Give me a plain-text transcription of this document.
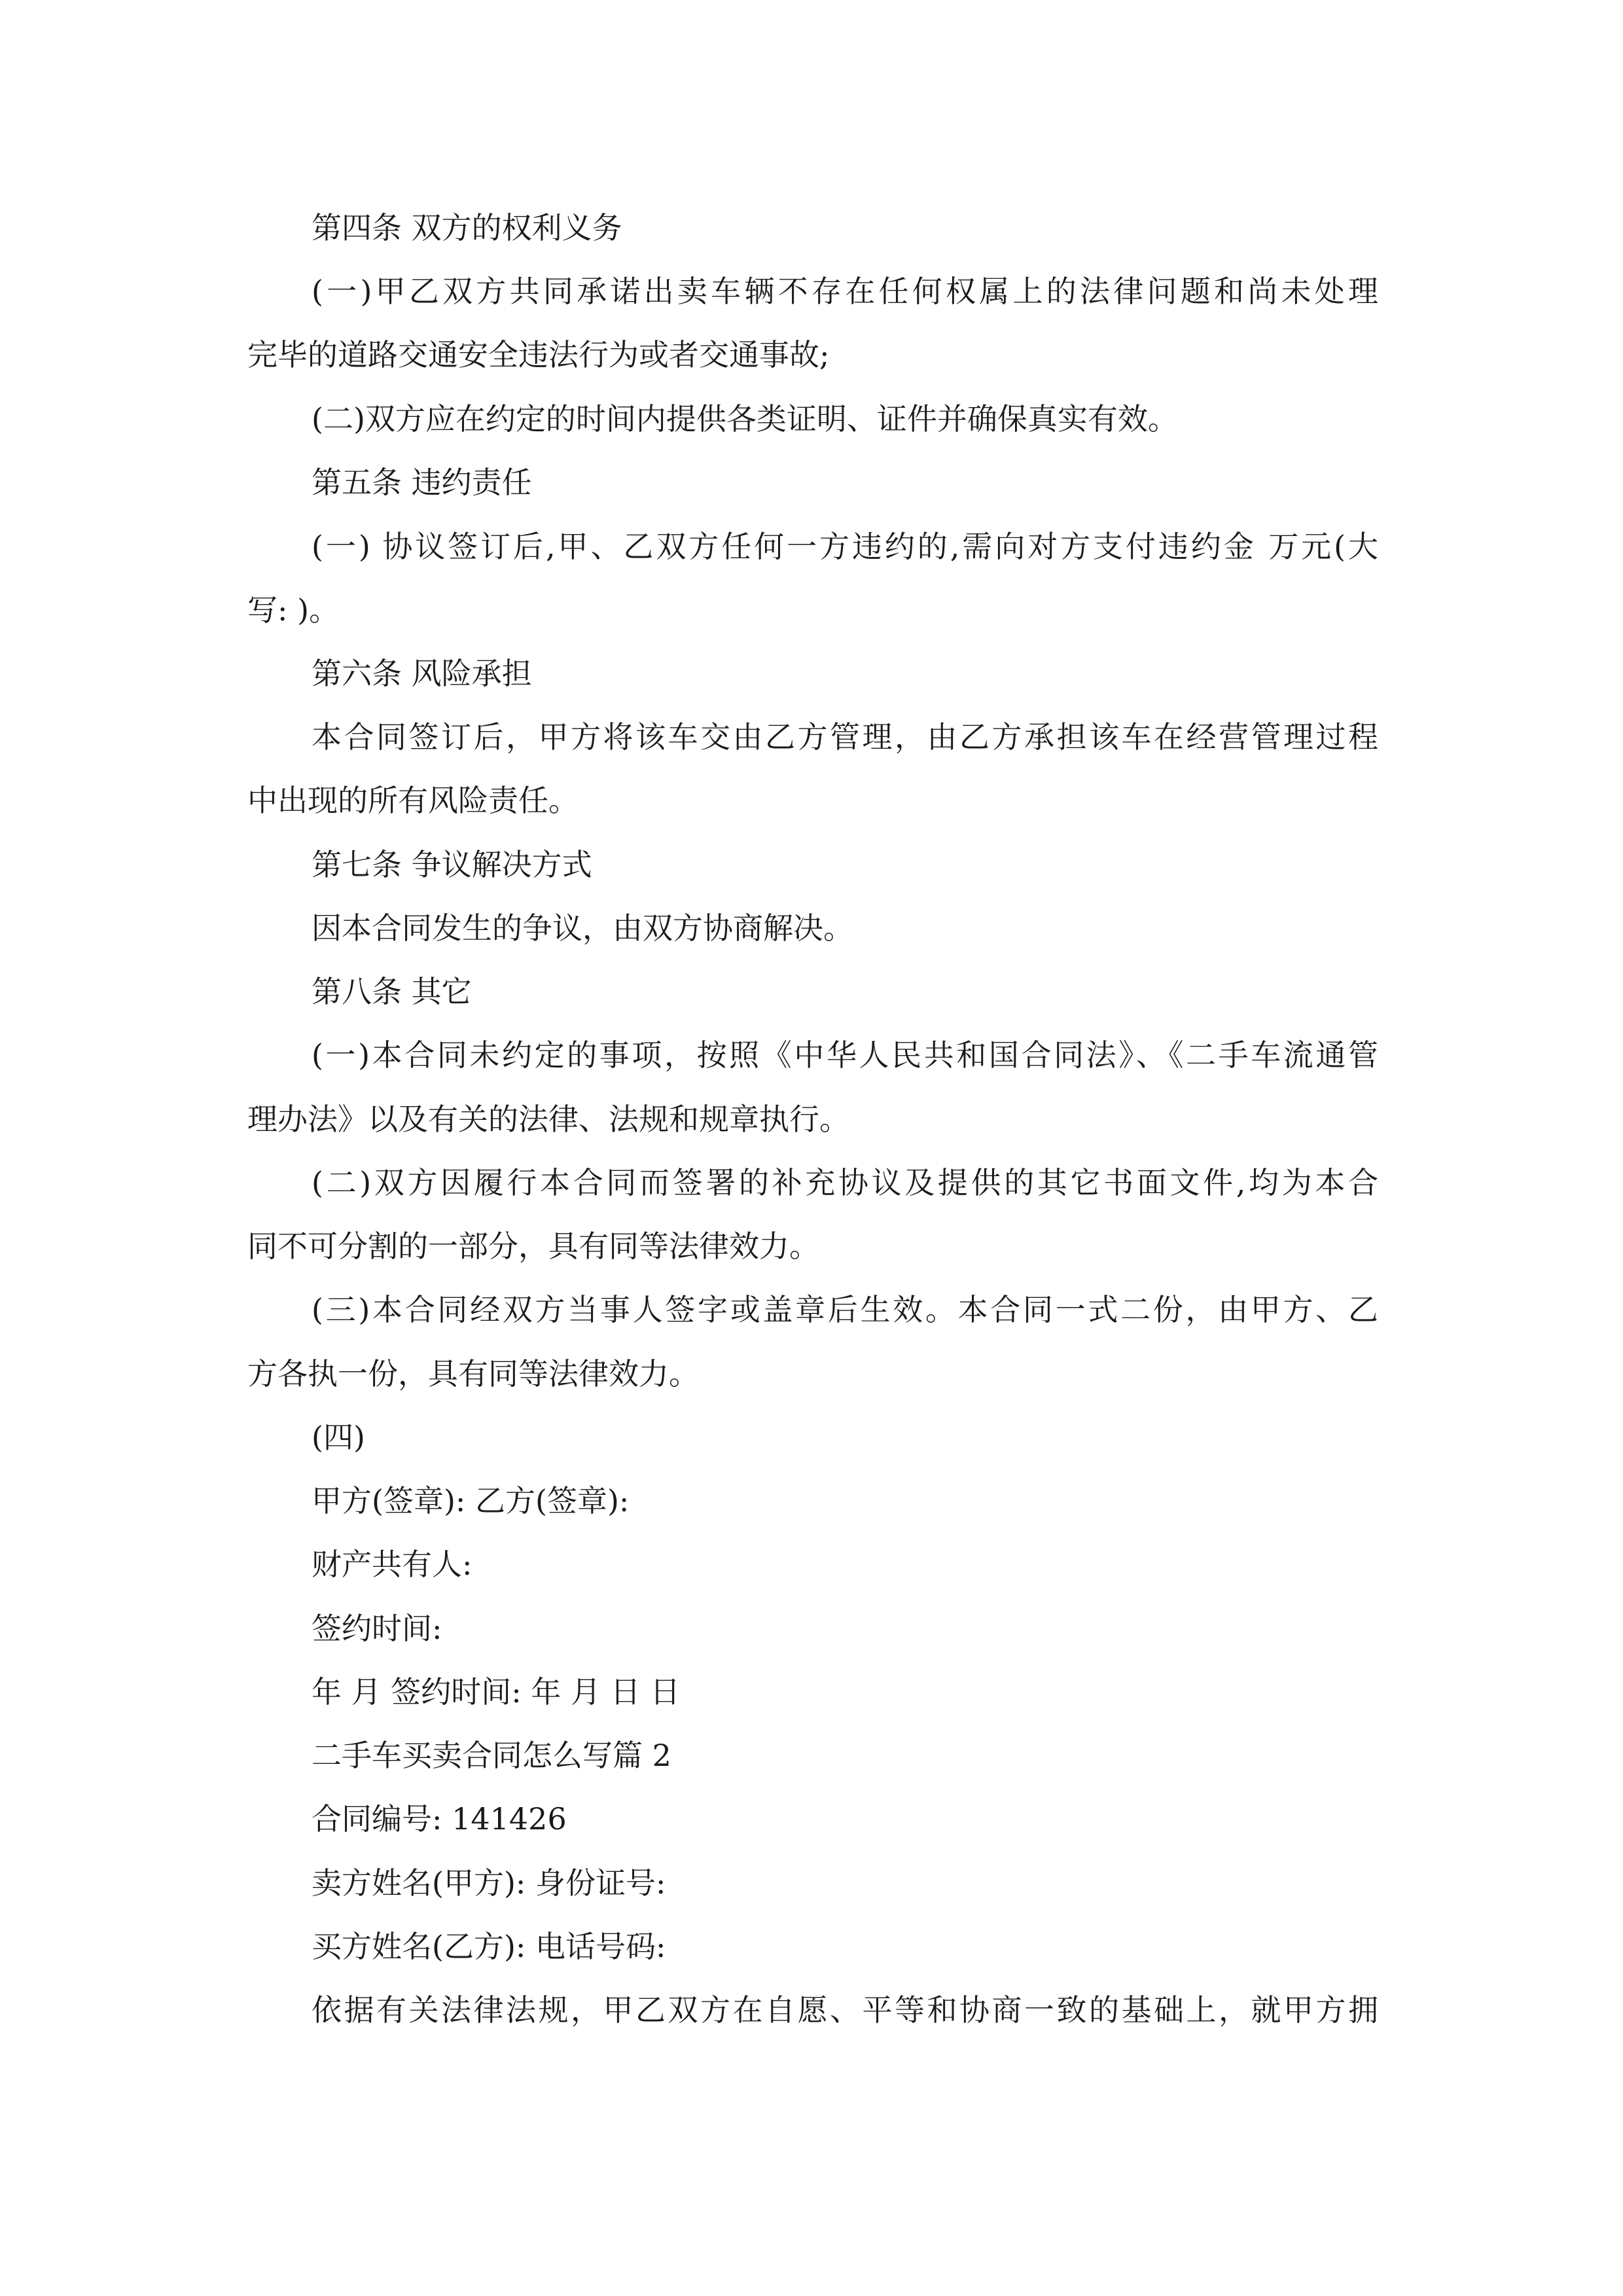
第四条 双方的权利义务
(一)甲乙双方共同承诺出卖车辆不存在任何权属上的法律问题和尚未处理
完毕的道路交通安全违法行为或者交通事故;
(二)双方应在约定的时间内提供各类证明、证件并确保真实有效。
第五条 违约责任
(一) 协议签订后,甲、乙双方任何一方违约的,需向对方支付违约金 万元(大
写: )。
第六条 风险承担
本合同签订后，甲方将该车交由乙方管理，由乙方承担该车在经营管理过程
中出现的所有风险责任。
第七条 争议解决方式
因本合同发生的争议，由双方协商解决。
第八条 其它
(一)本合同未约定的事项，按照《中华人民共和国合同法》、《二手车流通管
理办法》以及有关的法律、法规和规章执行。
(二)双方因履行本合同而签署的补充协议及提供的其它书面文件,均为本合
同不可分割的一部分，具有同等法律效力。
(三)本合同经双方当事人签字或盖章后生效。本合同一式二份，由甲方、乙
方各执一份，具有同等法律效力。
(四)
甲方(签章): 乙方(签章):
财产共有人:
签约时间:
年 月 签约时间: 年 月 日 日
二手车买卖合同怎么写篇 2
合同编号: 141426
卖方姓名(甲方): 身份证号:
买方姓名(乙方): 电话号码:
依据有关法律法规，甲乙双方在自愿、平等和协商一致的基础上，就甲方拥
